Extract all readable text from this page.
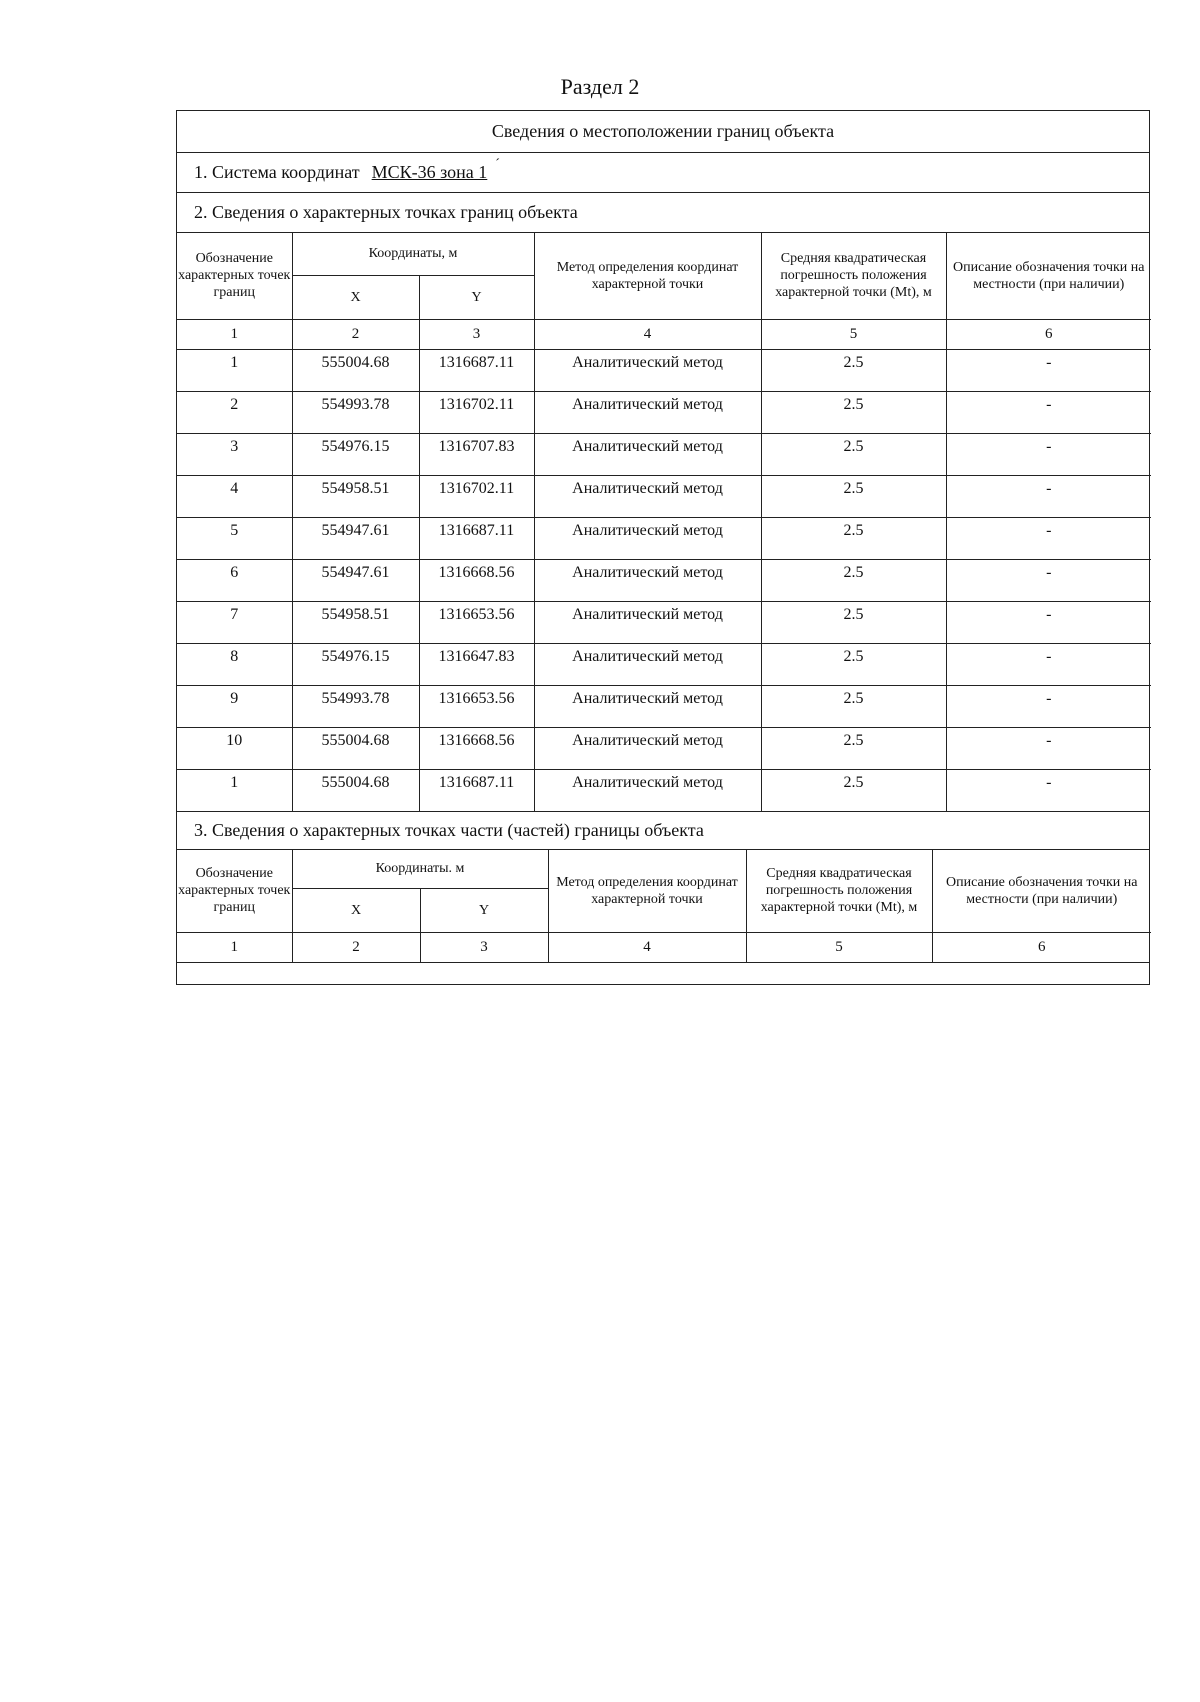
Раздел 2
Сведения о местоположении границ объекта
1. Система координат МСК-36 зона 1 $^ˊ$
2. Сведения о характерных точках границ объекта

Обозначение характерных точек границ	Координаты, м	Метод определения координат характерной точки	Средняя квадратическая погрешность положения характерной точки (Mt), м	Описание обозначения точки на местности (при наличии)
X	Y
1	2	3	4	5	6
1	555004.68	1316687.11	Аналитический метод	2.5	-
2	554993.78	1316702.11	Аналитический метод	2.5	-
3	554976.15	1316707.83	Аналитический метод	2.5	-
4	554958.51	1316702.11	Аналитический метод	2.5	-
5	554947.61	1316687.11	Аналитический метод	2.5	-
6	554947.61	1316668.56	Аналитический метод	2.5	-
7	554958.51	1316653.56	Аналитический метод	2.5	-
8	554976.15	1316647.83	Аналитический метод	2.5	-
9	554993.78	1316653.56	Аналитический метод	2.5	-
10	555004.68	1316668.56	Аналитический метод	2.5	-
1	555004.68	1316687.11	Аналитический метод	2.5	-

3. Сведения о характерных точках части (частей) границы объекта

Обозначение характерных точек границ	Координаты. м	Метод определения координат характерной точки	Средняя квадратическая погрешность положения характерной точки (Mt), м	Описание обозначения точки на местности (при наличии)
X	Y
1	2	3	4	5	6
